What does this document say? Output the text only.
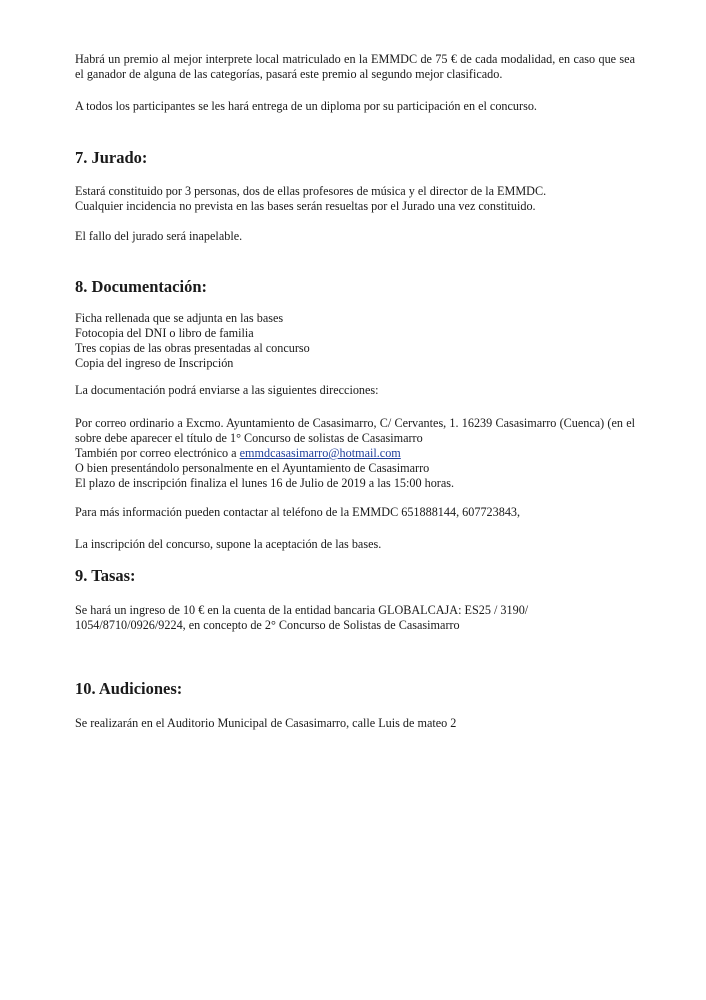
Habrá un premio al mejor interprete local matriculado en la EMMDC de 75 € de cada modalidad, en caso que sea el ganador de alguna de las categorías, pasará este premio al segundo mejor clasificado.

A todos los participantes se les hará entrega de un diploma por su participación en el concurso.

7. Jurado:

Estará constituido por 3 personas, dos de ellas profesores de música y el director de la EMMDC.

Cualquier incidencia no prevista en las bases serán resueltas por el Jurado una vez constituido.

El fallo del jurado será inapelable.

8. Documentación:

Ficha rellenada que se adjunta en las bases

Fotocopia del DNI o libro de familia

Tres copias de las obras presentadas al concurso

Copia del ingreso de Inscripción

La documentación podrá enviarse a las siguientes direcciones:

Por correo ordinario a Excmo. Ayuntamiento de Casasimarro, C/ Cervantes, 1. 16239 Casasimarro (Cuenca) (en el sobre debe aparecer el título de 1° Concurso de solistas de Casasimarro

También por correo electrónico a emmdcasasimarro@hotmail.com

O bien presentándolo personalmente en el Ayuntamiento de Casasimarro

El plazo de inscripción finaliza el lunes 16 de Julio de 2019 a las 15:00 horas.

Para más información pueden contactar al teléfono de la EMMDC 651888144, 607723843,

La inscripción del concurso, supone la aceptación de las bases.

9. Tasas:

Se hará un ingreso de 10 € en la cuenta de la entidad bancaria GLOBALCAJA: ES25 / 3190/

1054/8710/0926/9224, en concepto de 2° Concurso de Solistas de Casasimarro

10. Audiciones:

Se realizarán en el Auditorio Municipal de Casasimarro, calle Luis de mateo 2
